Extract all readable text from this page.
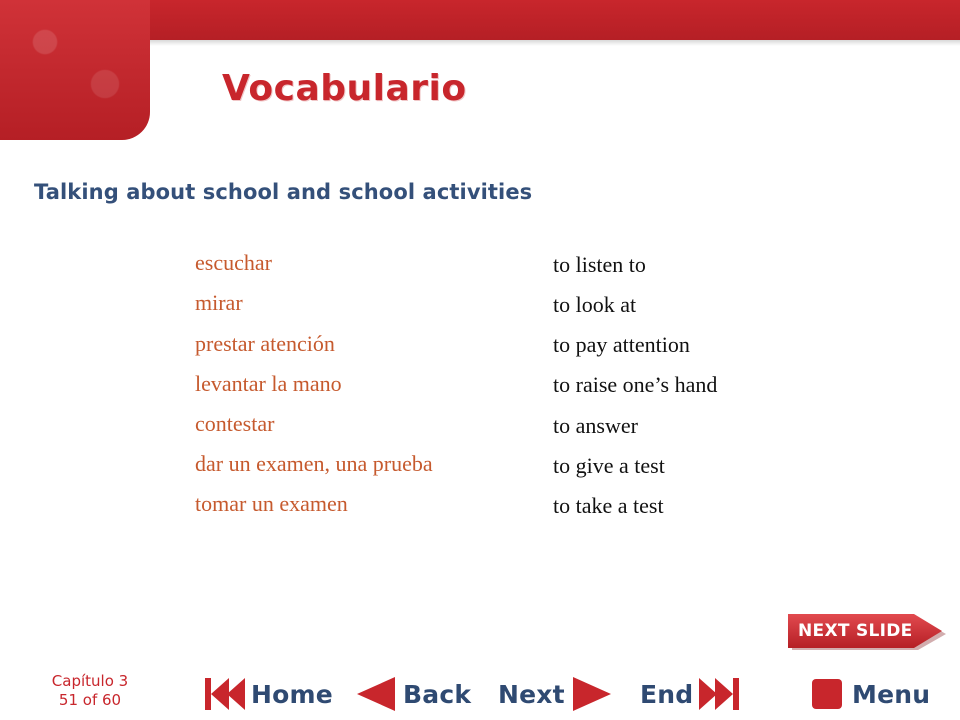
Vocabulario
Talking about school and school activities
escuchar	to listen to
mirar	to look at
prestar atención	to pay attention
levantar la mano	to raise one’s hand
contestar	to answer
dar un examen, una prueba	to give a test
tomar un examen	to take a test
NEXT SLIDE
Capítulo 3
51 of 60	Home	Back Next	End	Menu
